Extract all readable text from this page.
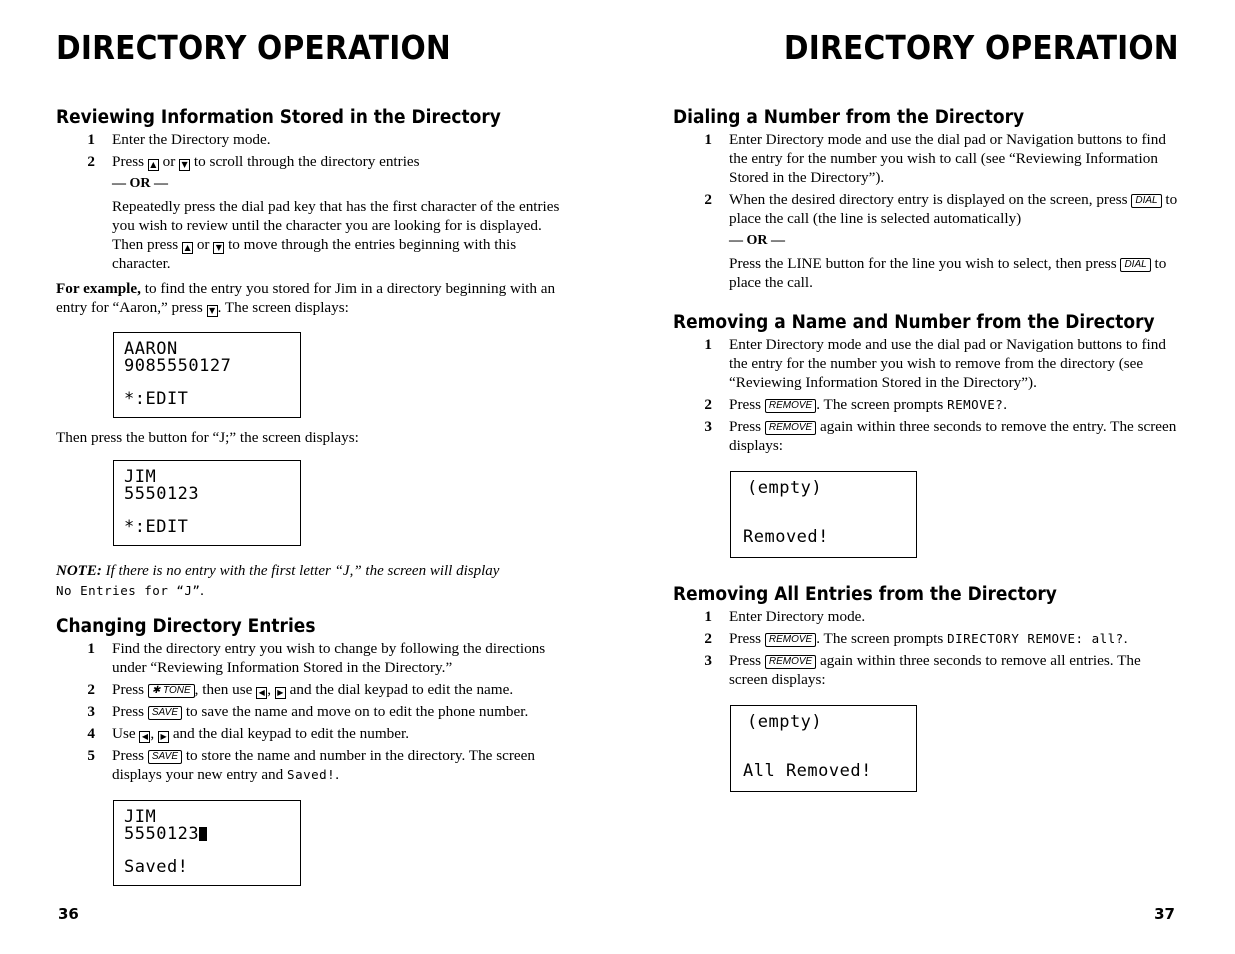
DIRECTORY OPERATION
Reviewing Information Stored in the Directory
1	Enter the Directory mode.
2	Press ▲ or ▼ to scroll through the directory entries
— OR —
Repeatedly press the dial pad key that has the first character of the entries you wish to review until the character you are looking for is displayed. Then press ▲ or ▼ to move through the entries beginning with this character.
For example, to find the entry you stored for Jim in a directory beginning with an entry for “Aaron,” press ▼ . The screen displays:
AARON
9085550127
*:EDIT
Then press the button for “J;” the screen displays:
JIM
5550123
*:EDIT
NOTE: If there is no entry with the first letter “J,” the screen will display
No Entries for “J”.
Changing Directory Entries
1	Find the directory entry you wish to change by following the directions under “Reviewing Information Stored in the Directory.”
2	Press ✱ TONE , then use ◀ , ▶ and the dial keypad to edit the name.
3	Press SAVE to save the name and move on to edit the phone number.
4	Use ◀ , ▶ and the dial keypad to edit the number.
5	Press SAVE to store the name and number in the directory. The screen displays your new entry and Saved!.
JIM
5550123
Saved!
36
DIRECTORY OPERATION
Dialing a Number from the Directory
1	Enter Directory mode and use the dial pad or Navigation buttons to find the entry for the number you wish to call (see “Reviewing Information Stored in the Directory”).
2	When the desired directory entry is displayed on the screen, press DIAL to place the call (the line is selected automatically)
— OR —
Press the LINE button for the line you wish to select, then press DIAL to place the call.
Removing a Name and Number from the Directory
1	Enter Directory mode and use the dial pad or Navigation buttons to find the entry for the number you wish to remove from the directory (see “Reviewing Information Stored in the Directory”).
2	Press REMOVE . The screen prompts REMOVE?.
3	Press REMOVE again within three seconds to remove the entry. The screen displays:
(empty)
Removed!
Removing All Entries from the Directory
1	Enter Directory mode.
2	Press REMOVE . The screen prompts DIRECTORY REMOVE: all?.
3	Press REMOVE again within three seconds to remove all entries. The screen displays:
(empty)
All Removed!
37
